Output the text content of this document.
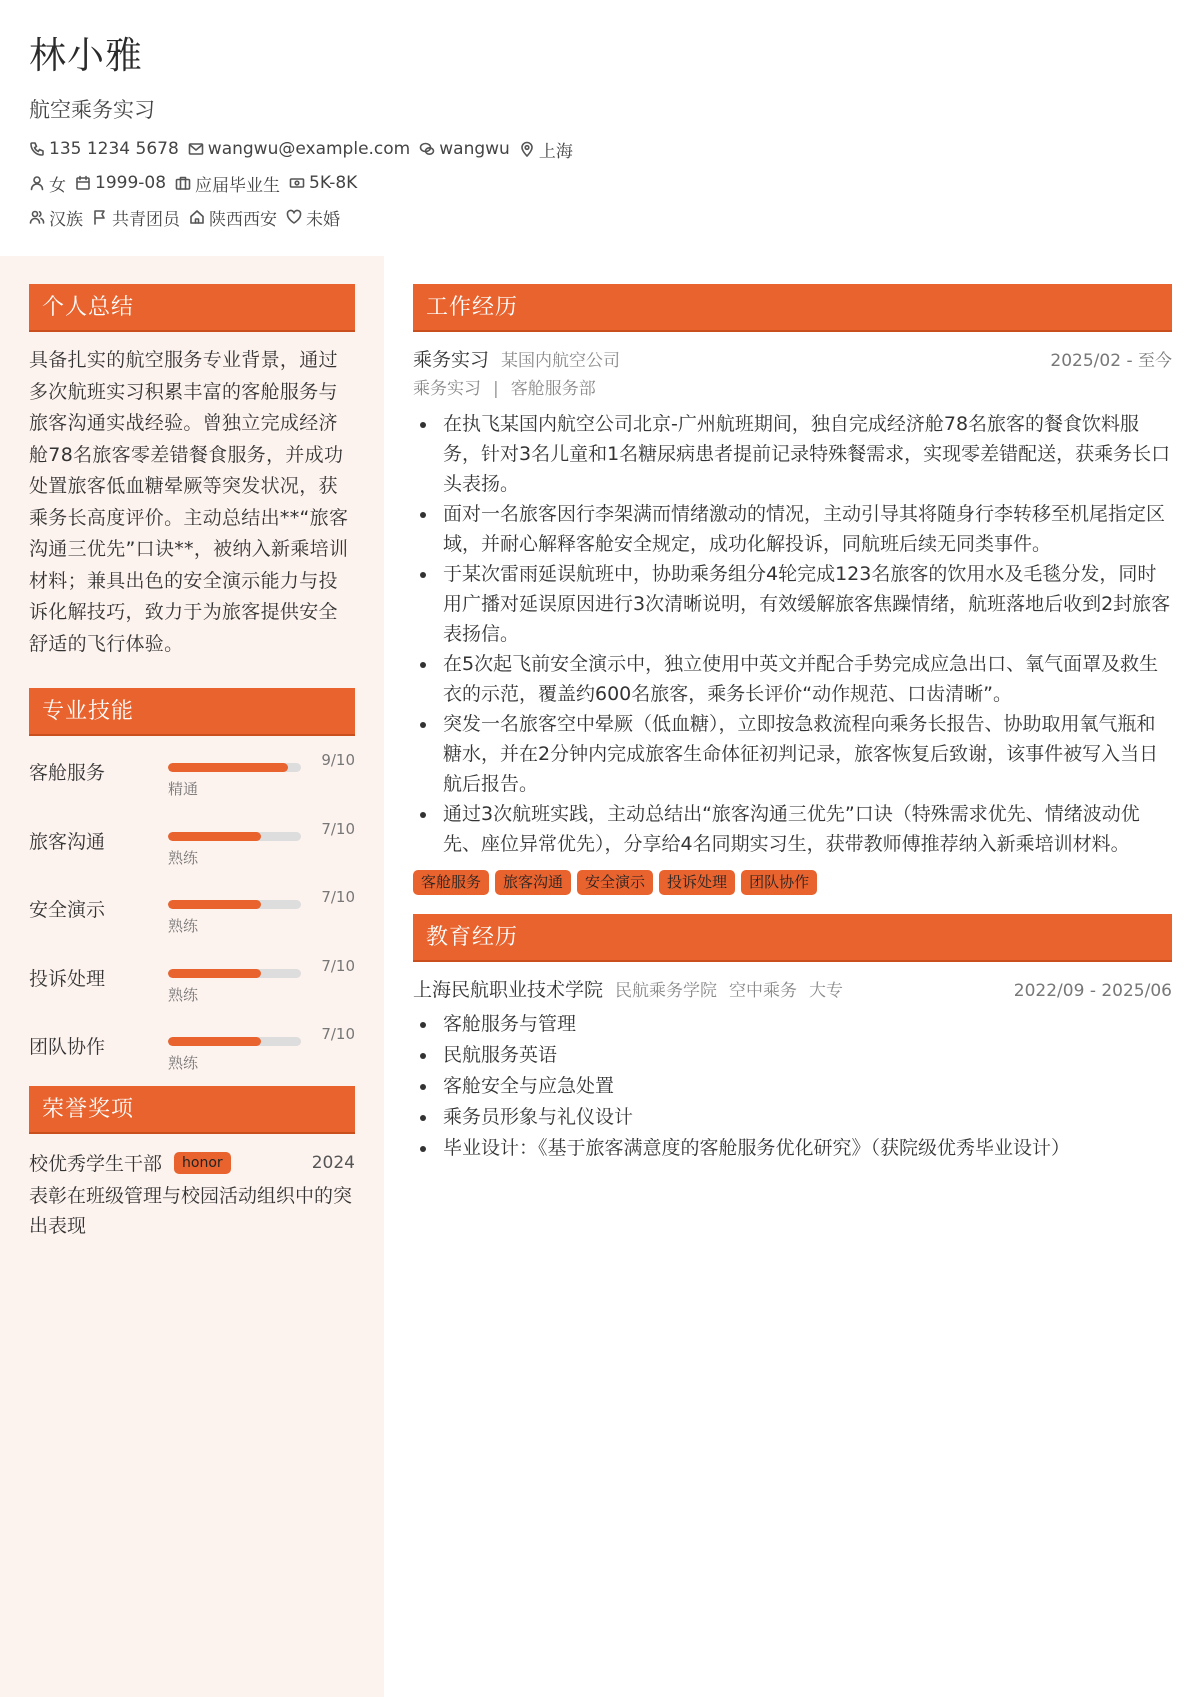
林小雅
航空乘务实习
135 1234 5678 wangwu@example.com wangwu 上海
女 1999-08 应届毕业生 5K-8K
汉族 共青团员 陕西西安 未婚
个人总结
具备扎实的航空服务专业背景，通过多次航班实习积累丰富的客舱服务与旅客沟通实战经验。曾独立完成经济舱78名旅客零差错餐食服务，并成功处置旅客低血糖晕厥等突发状况，获乘务长高度评价。主动总结出**“旅客沟通三优先”口诀**，被纳入新乘培训材料；兼具出色的安全演示能力与投诉化解技巧，致力于为旅客提供安全舒适的飞行体验。
专业技能
客舱服务
9/10
精通
旅客沟通
7/10
熟练
安全演示
7/10
熟练
投诉处理
7/10
熟练
团队协作
7/10
熟练
荣誉奖项
校优秀学生干部	honor	2024
表彰在班级管理与校园活动组织中的突出表现
工作经历
乘务实习 某国内航空公司	2025/02 - 至今
乘务实习 | 客舱服务部
在执飞某国内航空公司北京-广州航班期间，独自完成经济舱78名旅客的餐食饮料服务，针对3名儿童和1名糖尿病患者提前记录特殊餐需求，实现零差错配送，获乘务长口头表扬。
面对一名旅客因行李架满而情绪激动的情况，主动引导其将随身行李转移至机尾指定区域，并耐心解释客舱安全规定，成功化解投诉，同航班后续无同类事件。
于某次雷雨延误航班中，协助乘务组分4轮完成123名旅客的饮用水及毛毯分发，同时用广播对延误原因进行3次清晰说明，有效缓解旅客焦躁情绪，航班落地后收到2封旅客表扬信。
在5次起飞前安全演示中，独立使用中英文并配合手势完成应急出口、氧气面罩及救生衣的示范，覆盖约600名旅客，乘务长评价“动作规范、口齿清晰”。
突发一名旅客空中晕厥（低血糖），立即按急救流程向乘务长报告、协助取用氧气瓶和糖水，并在2分钟内完成旅客生命体征初判记录，旅客恢复后致谢，该事件被写入当日航后报告。
通过3次航班实践，主动总结出“旅客沟通三优先”口诀（特殊需求优先、情绪波动优先、座位异常优先），分享给4名同期实习生，获带教师傅推荐纳入新乘培训材料。
客舱服务	旅客沟通	安全演示	投诉处理	团队协作
教育经历
上海民航职业技术学院 民航乘务学院 空中乘务 大专	2022/09 - 2025/06
客舱服务与管理
民航服务英语
客舱安全与应急处置
乘务员形象与礼仪设计
毕业设计：《基于旅客满意度的客舱服务优化研究》（获院级优秀毕业设计）
